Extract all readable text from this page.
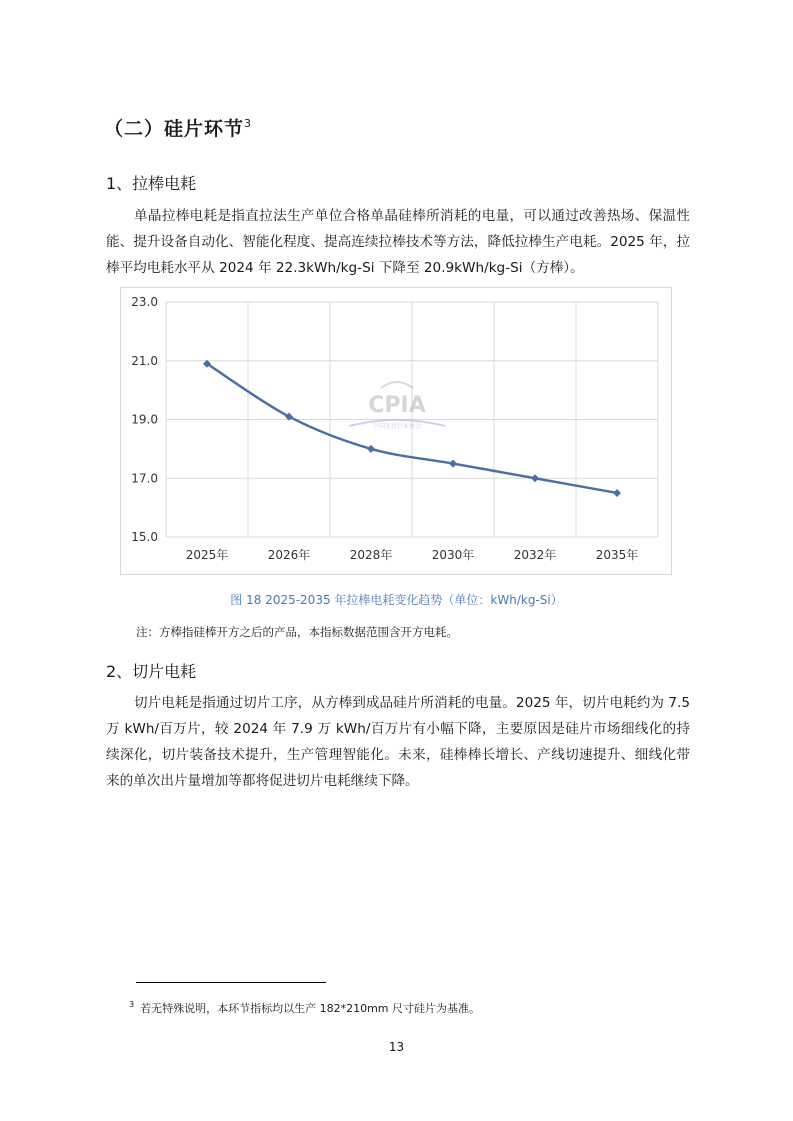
（二）硅片环节$^3$
1、拉棒电耗
单晶拉棒电耗是指直拉法生产单位合格单晶硅棒所消耗的电量，可以通过改善热场、保温性能、提升设备自动化、智能化程度、提高连续拉棒技术等方法，降低拉棒生产电耗。2025 年，拉棒平均电耗水平从 2024 年 22.3kWh/kg-Si 下降至 20.9kWh/kg-Si（方棒）。
CPIA
中国光伏行业协会
23.0
21.0
19.0
17.0
15.0
2025年	2026年	2028年	2030年	2032年	2035年
图 18 2025-2035 年拉棒电耗变化趋势（单位：kWh/kg-Si）
注：方棒指硅棒开方之后的产品，本指标数据范围含开方电耗。
2、切片电耗
切片电耗是指通过切片工序，从方棒到成品硅片所消耗的电量。2025 年，切片电耗约为 7.5 万 kWh/百万片，较 2024 年 7.9 万 kWh/百万片有小幅下降，主要原因是硅片市场细线化的持续深化，切片装备技术提升，生产管理智能化。未来，硅棒棒长增长、产线切速提升、细线化带来的单次出片量增加等都将促进切片电耗继续下降。
$^3$ 若无特殊说明，本环节指标均以生产 182*210mm 尺寸硅片为基准。
13
